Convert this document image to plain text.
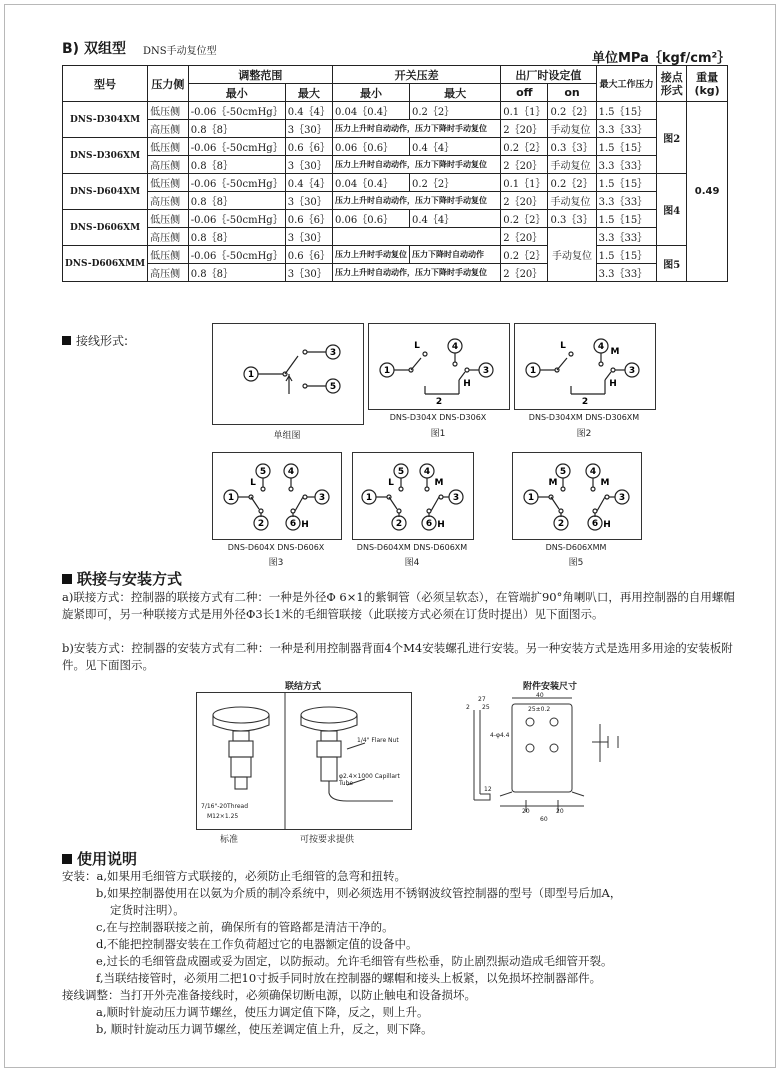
B) 双组型 DNS手动复位型	单位MPa｛kgf/cm²｝
型号	压力侧	调整范围		开关压差		出厂时设定值		最大工作压力	接点形式	重量(kg)
		最小	最大	最小	最大	off	on			
DNS-D304XM	低压侧	-0.06｛-50cmHg｝	0.4｛4｝	0.04｛0.4｝	0.2｛2｝	0.1｛1｝	0.2｛2｝	1.5｛15｝	图2	0.49
	高压侧	0.8｛8｝	3｛30｝	压力上升时自动动作，压力下降时手动复位		2｛20｝	手动复位	3.3｛33｝		
DNS-D306XM	低压侧	-0.06｛-50cmHg｝	0.6｛6｝	0.06｛0.6｝	0.4｛4｝	0.2｛2｝	0.3｛3｝	1.5｛15｝		
	高压侧	0.8｛8｝	3｛30｝	压力上升时自动动作，压力下降时手动复位		2｛20｝	手动复位	3.3｛33｝		
DNS-D604XM	低压侧	-0.06｛-50cmHg｝	0.4｛4｝	0.04｛0.4｝	0.2｛2｝	0.1｛1｝	0.2｛2｝	1.5｛15｝	图4	
	高压侧	0.8｛8｝	3｛30｝	压力上升时自动动作，压力下降时手动复位		2｛20｝	手动复位	3.3｛33｝		
DNS-D606XM	低压侧	-0.06｛-50cmHg｝	0.6｛6｝	0.06｛0.6｝	0.4｛4｝	0.2｛2｝	0.3｛3｝	1.5｛15｝		
	高压侧	0.8｛8｝	3｛30｝			2｛20｝	手动复位	3.3｛33｝		
DNS-D606XMM	低压侧	-0.06｛-50cmHg｝	0.6｛6｝	压力上升时手动复位	压力下降时自动动作	0.2｛2｝		1.5｛15｝	图5	
	高压侧	0.8｛8｝	3｛30｝	压力上升时自动动作，压力下降时手动复位		2｛20｝		3.3｛33｝		
接线形式:
1
3
5
单组图
1
4
3
L
H
2
DNS-D304X DNS-D306X
图1
1
4
3
L
M
H
2
DNS-D304XM DNS-D306XM
图2
5
1
2
4
3
6
L
H
DNS-D604X DNS-D606X
图3
5
1
2
4
3
6
L	M
H
DNS-D604XM DNS-D606XM
图4
5
1
2
4
3
6
M	M
H
DNS-D606XMM
图5
联接与安装方式
a)联接方式：控制器的联接方式有二种：一种是外径Φ 6×1的紫铜管（必须呈软态），在管端扩90°角喇叭口，再用控制器的自用螺帽旋紧即可，另一种联接方式是用外径Φ3长1米的毛细管联接（此联接方式必须在订货时提出）见下面图示。
b)安装方式：控制器的安装方式有二种：一种是利用控制器背面4个M4安装螺孔进行安装。另一种安装方式是选用多用途的安装板附件。见下面图示。
联结方式
7/16"-20Thread
M12×1.25
1/4" Flare Nut
φ2.4×1000 Capillart Tube
标准	可按要求提供
附件安装尺寸
40
27
2 25	25±0.2
4-φ4.4
12
20	20
60
使用说明
安装：a,如果用毛细管方式联接的，必须防止毛细管的急弯和扭转。
b,如果控制器使用在以氨为介质的制冷系统中，则必须选用不锈钢波纹管控制器的型号（即型号后加A，
定货时注明）。
c,在与控制器联接之前，确保所有的管路都是清洁干净的。
d,不能把控制器安装在工作负荷超过它的电器额定值的设备中。
e,过长的毛细管盘成圈或妥为固定，以防振动。允许毛细管有些松垂，防止剧烈振动造成毛细管开裂。
f,当联结接管时，必须用二把10寸扳手同时放在控制器的螺帽和接头上板紧，以免损坏控制器部件。
接线调整：当打开外壳准备接线时，必须确保切断电源，以防止触电和设备损坏。
a,顺时针旋动压力调节螺丝，使压力调定值下降，反之，则上升。
b, 顺时针旋动压力调节螺丝，使压差调定值上升，反之，则下降。
